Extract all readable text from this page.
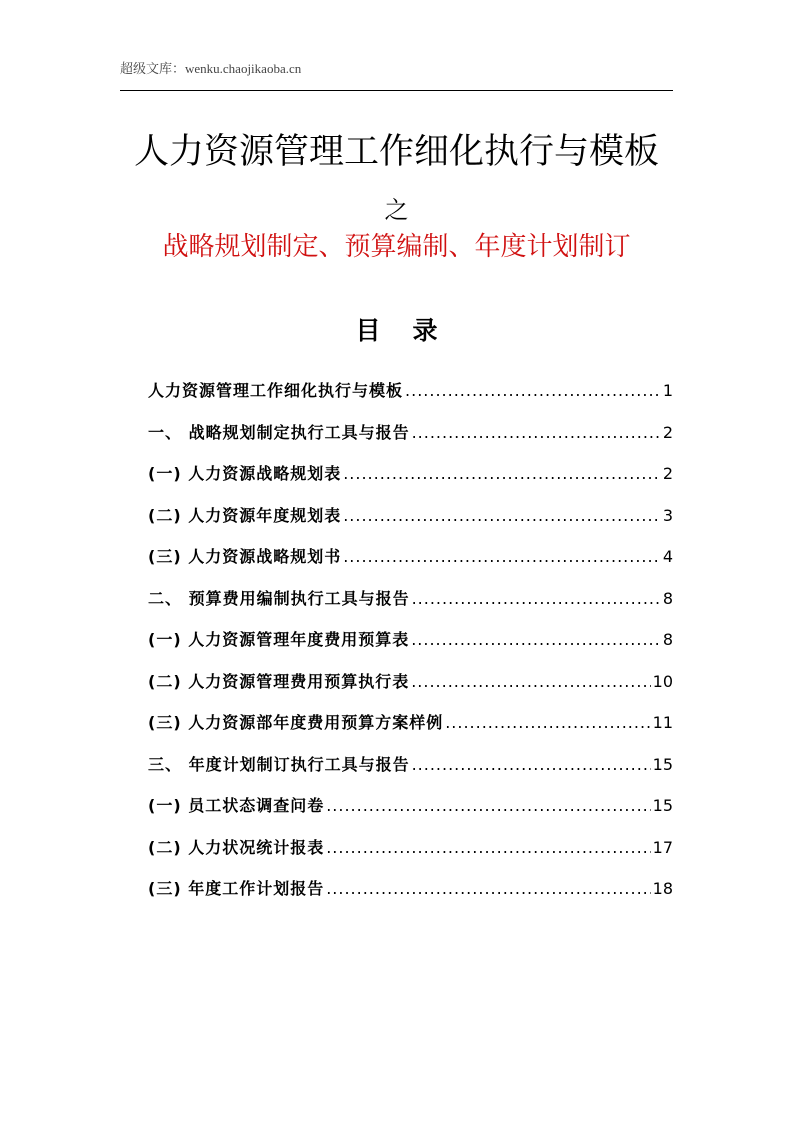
超级文库：wenku.chaojikaoba.cn
人力资源管理工作细化执行与模板
之
战略规划制定、预算编制、年度计划制订
目 录
人力资源管理工作细化执行与模板 .....	1
一、 战略规划制定执行工具与报告 .....	2
(一) 人力资源战略规划表 .....	2
(二) 人力资源年度规划表 .....	3
(三) 人力资源战略规划书 .....	4
二、 预算费用编制执行工具与报告 .....	8
(一) 人力资源管理年度费用预算表 .....	8
(二) 人力资源管理费用预算执行表 .....	10
(三) 人力资源部年度费用预算方案样例 .....	11
三、 年度计划制订执行工具与报告 .....	15
(一) 员工状态调查问卷 .....	15
(二) 人力状况统计报表 .....	17
(三) 年度工作计划报告 .....	18
